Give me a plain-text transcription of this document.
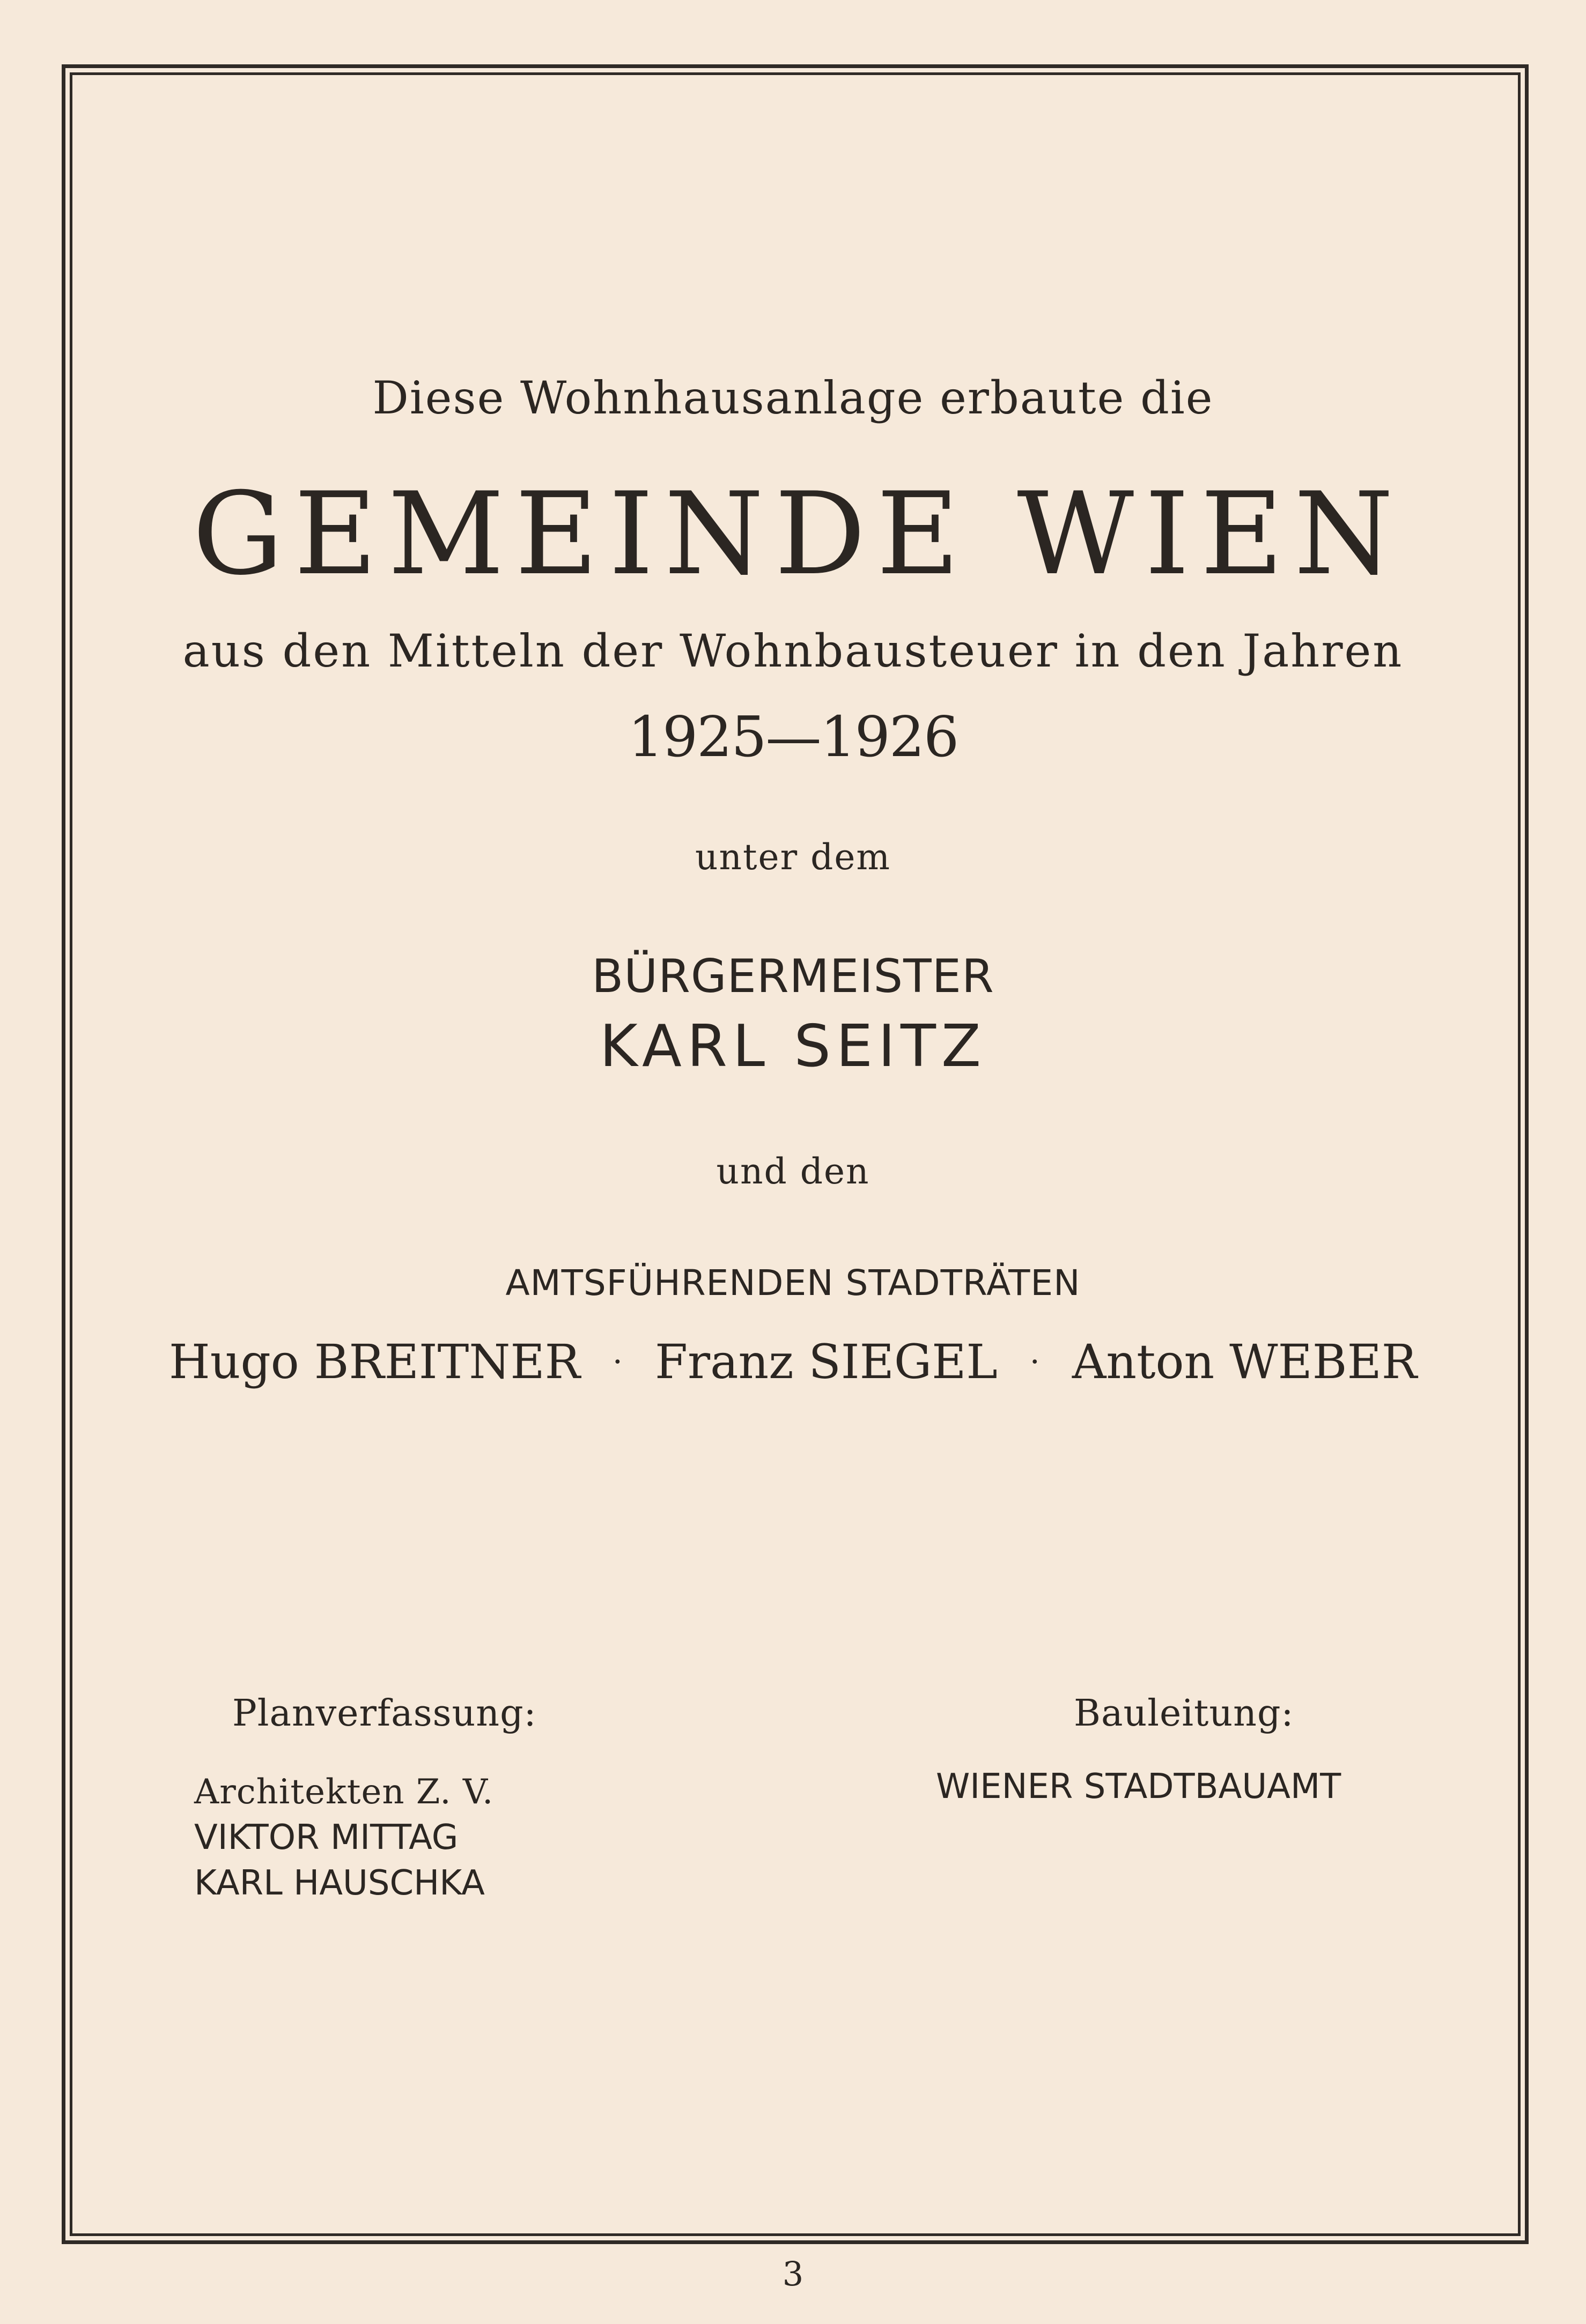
Diese Wohnhausanlage erbaute die
GEMEINDE WIEN
aus den Mitteln der Wohnbausteuer in den Jahren
1925—1926
unter dem
BÜRGERMEISTER
KARL SEITZ
und den
AMTSFÜHRENDEN STADTRÄTEN
Hugo BREITNER · Franz SIEGEL · Anton WEBER
Planverfassung:
Architekten Z. V.
VIKTOR MITTAG
KARL HAUSCHKA
Bauleitung:
WIENER STADTBAUAMT
3
